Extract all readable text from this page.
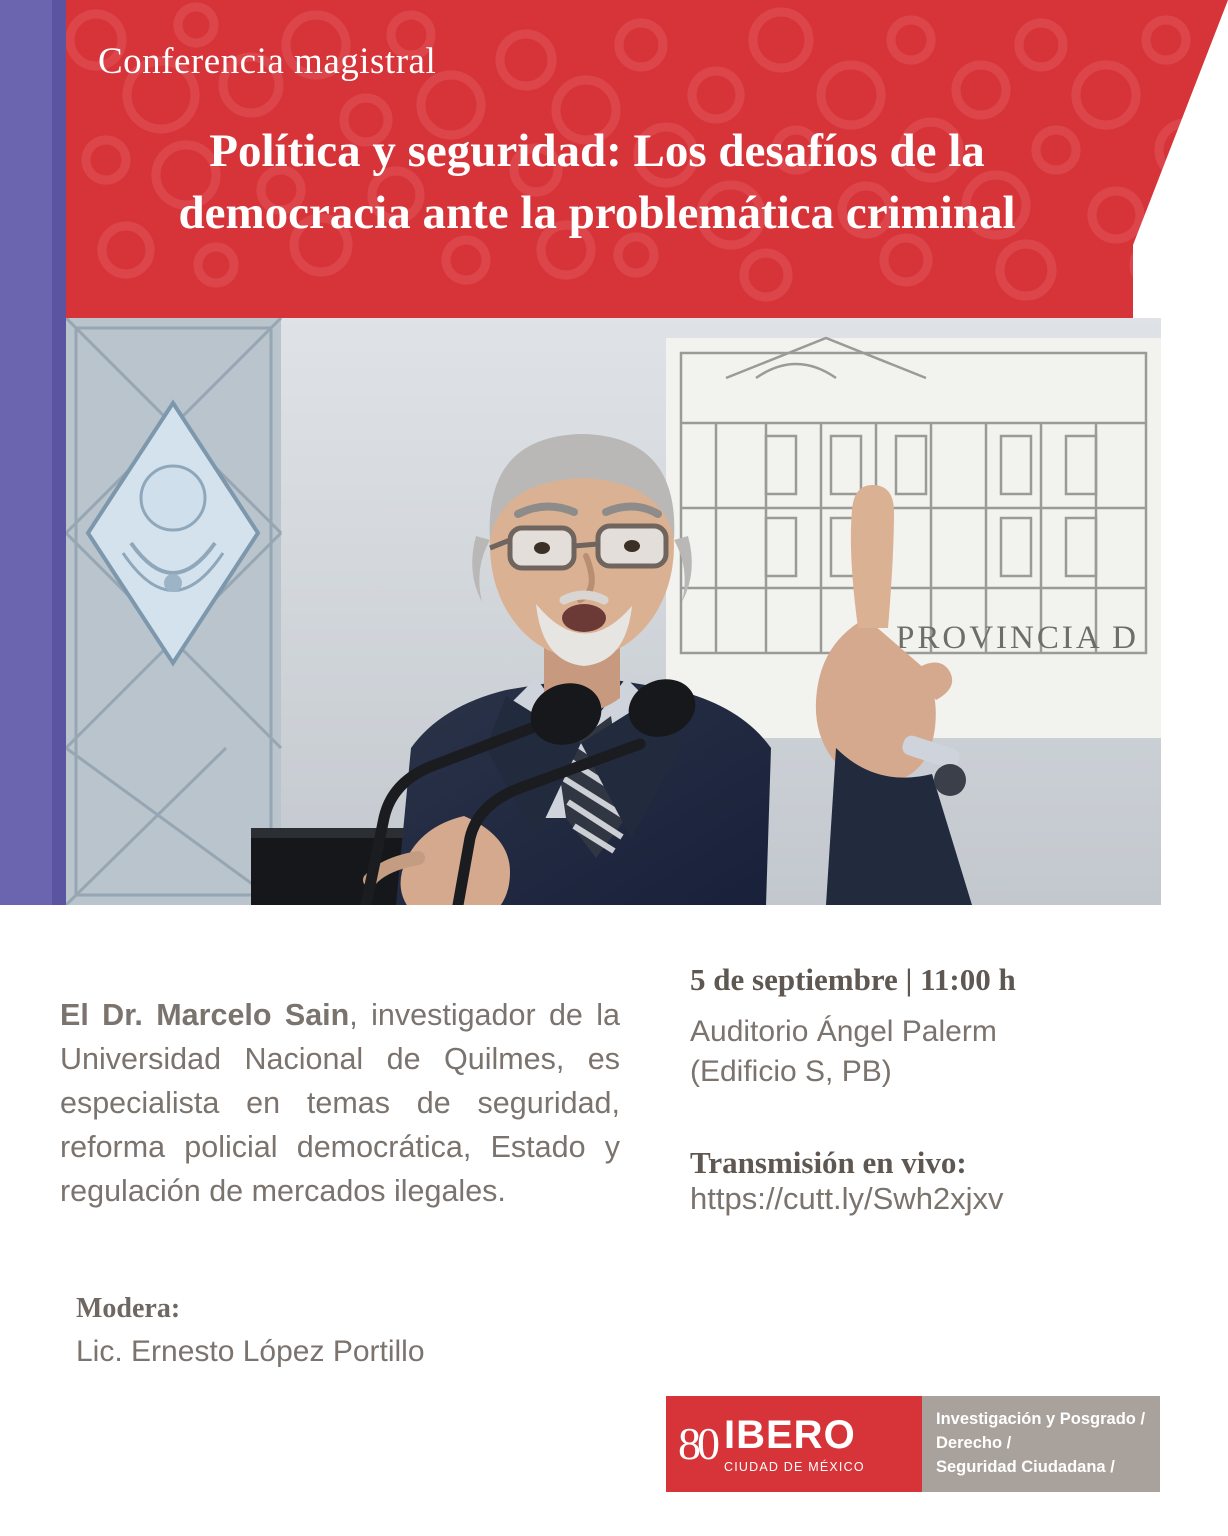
Conferencia magistral
Política y seguridad: Los desafíos de la democracia ante la problemática criminal
PROVINCIA D

El Dr. Marcelo Sain, investigador de la Universidad Nacional de Quilmes, es especialista en temas de seguridad, reforma policial democrática, Estado y regulación de mercados ilegales.

Modera:
Lic. Ernesto López Portillo
5 de septiembre | 11:00 h
Auditorio Ángel Palerm
(Edificio S, PB)
Transmisión en vivo:
https://cutt.ly/Swh2xjxv
80 IBERO
CIUDAD DE MÉXICO
Investigación y Posgrado /
Derecho /
Seguridad Ciudadana /
